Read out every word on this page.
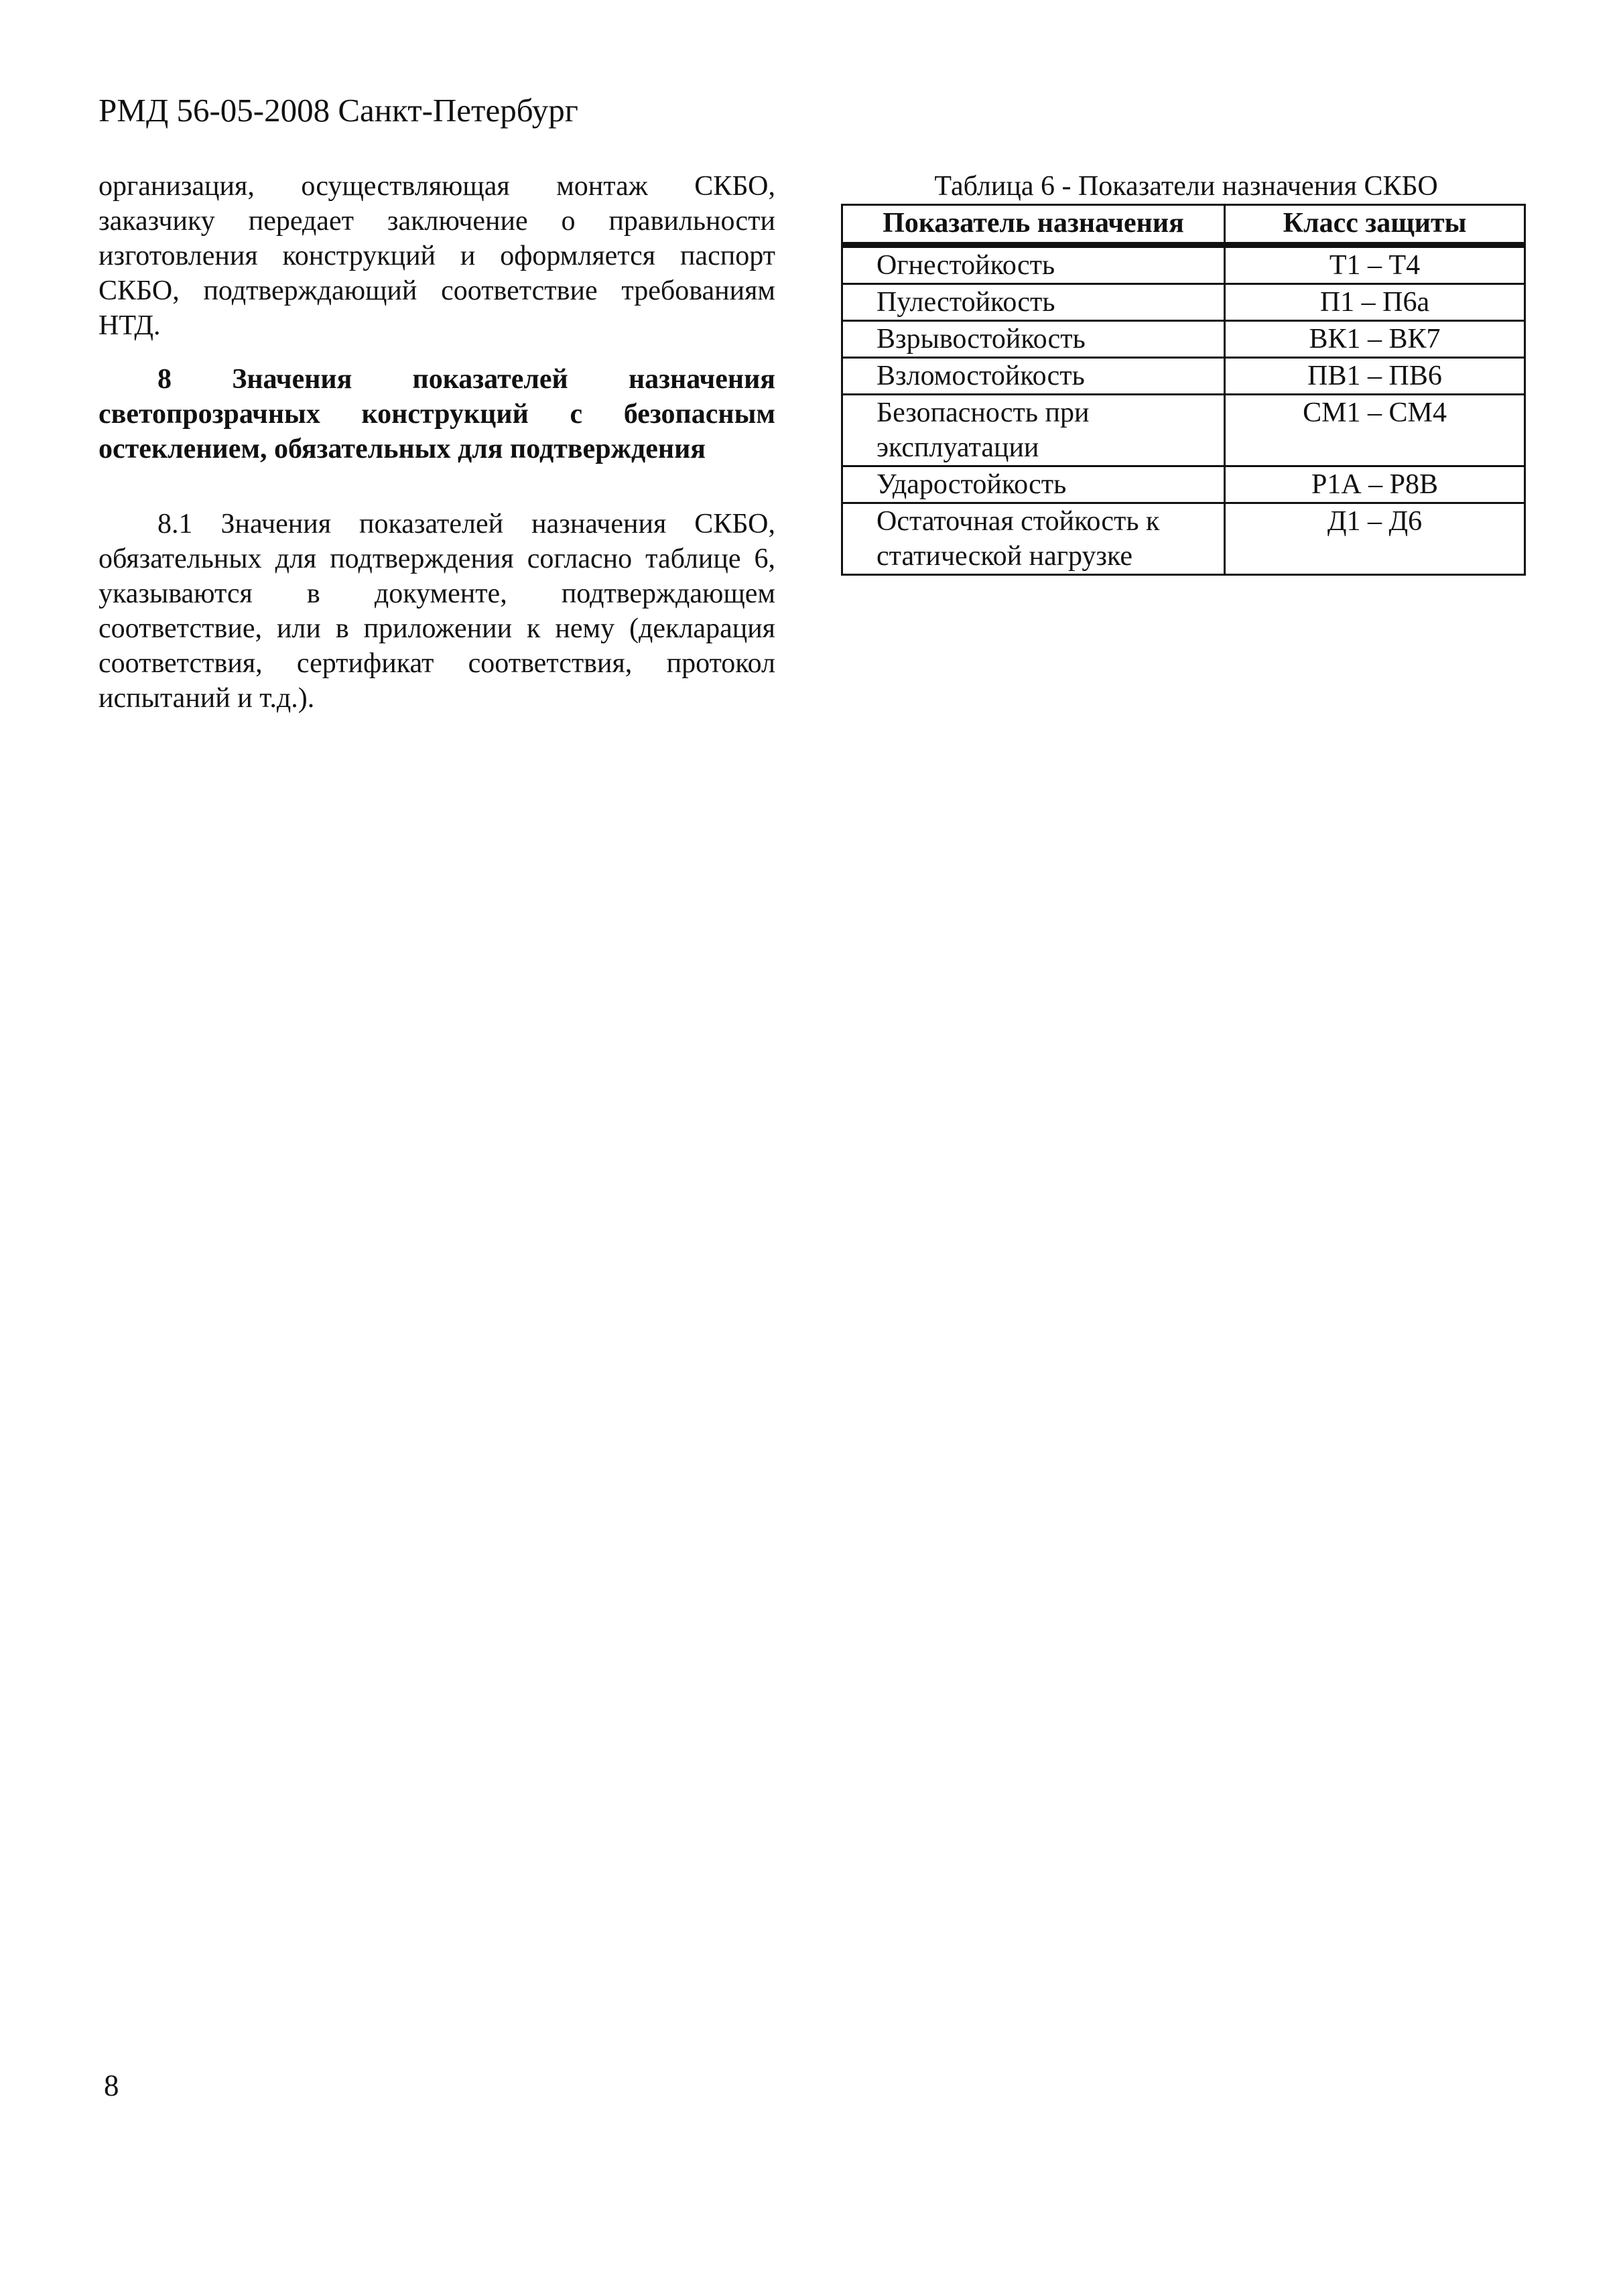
РМД 56-05-2008 Санкт-Петербург

организация, осуществляющая монтаж СКБО, заказчику передает заключение о правильности изготовления конструкций и оформляется паспорт СКБО, подтверждающий соответствие требованиям НТД.

8 Значения показателей назначения светопрозрачных конструкций с безопасным остеклением, обязательных для подтверждения

8.1 Значения показателей назначения СКБО, обязательных для подтверждения согласно таблице 6, указываются в документе, подтверждающем соответствие, или в приложении к нему (декларация соответствия, сертификат соответствия, протокол испытаний и т.д.).

Таблица 6 - Показатели назначения СКБО

Показатель назначения	Класс защиты
Огнестойкость	Т1 – Т4
Пулестойкость	П1 – П6а
Взрывостойкость	ВК1 – ВК7
Взломостойкость	ПВ1 – ПВ6
Безопасность при эксплуатации	СМ1 – СМ4
Ударостойкость	Р1А – Р8В
Остаточная стойкость к статической нагрузке	Д1 – Д6
8
